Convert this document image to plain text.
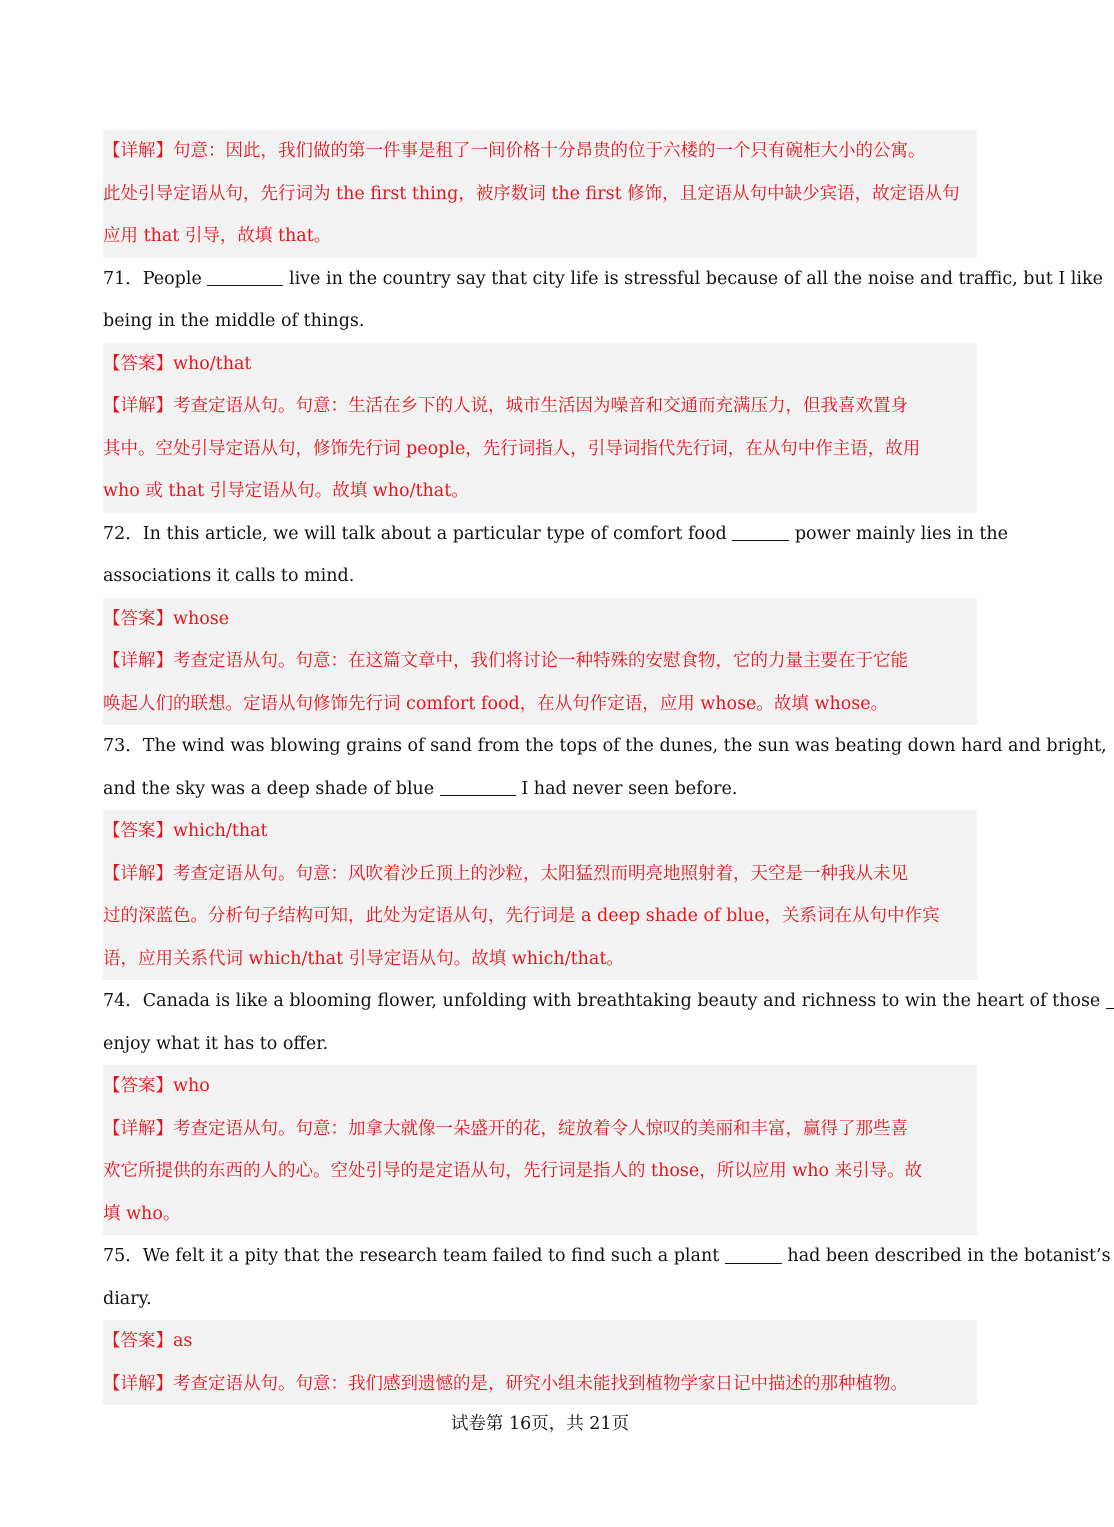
【详解】句意：因此，我们做的第一件事是租了一间价格十分昂贵的位于六楼的一个只有碗柜大小的公寓。
此处引导定语从句，先行词为 the first thing，被序数词 the first 修饰，且定语从句中缺少宾语，故定语从句
应用 that 引导，故填 that。
71．People	live in the country say that city life is stressful because of all the noise and traffic, but I like
being in the middle of things.
【答案】who/that
【详解】考查定语从句。句意：生活在乡下的人说，城市生活因为噪音和交通而充满压力，但我喜欢置身
其中。空处引导定语从句，修饰先行词 people，先行词指人，引导词指代先行词，在从句中作主语，故用
who 或 that 引导定语从句。故填 who/that。
72．In this article, we will talk about a particular type of comfort food	power mainly lies in the
associations it calls to mind.
【答案】whose
【详解】考查定语从句。句意：在这篇文章中，我们将讨论一种特殊的安慰食物，它的力量主要在于它能
唤起人们的联想。定语从句修饰先行词 comfort food，在从句作定语，应用 whose。故填 whose。
73．The wind was blowing grains of sand from the tops of the dunes, the sun was beating down hard and bright,
and the sky was a deep shade of blue	I had never seen before.
【答案】which/that
【详解】考查定语从句。句意：风吹着沙丘顶上的沙粒，太阳猛烈而明亮地照射着，天空是一种我从未见
过的深蓝色。分析句子结构可知，此处为定语从句，先行词是 a deep shade of blue，关系词在从句中作宾
语，应用关系代词 which/that 引导定语从句。故填 which/that。
74．Canada is like a blooming flower, unfolding with breathtaking beauty and richness to win the heart of those
enjoy what it has to offer.
【答案】who
【详解】考查定语从句。句意：加拿大就像一朵盛开的花，绽放着令人惊叹的美丽和丰富，赢得了那些喜
欢它所提供的东西的人的心。空处引导的是定语从句，先行词是指人的 those，所以应用 who 来引导。故
填 who。
75．We felt it a pity that the research team failed to find such a plant	had been described in the botanist’s
diary.
【答案】as
【详解】考查定语从句。句意：我们感到遗憾的是，研究小组未能找到植物学家日记中描述的那种植物。
试卷第 16页，共 21页
